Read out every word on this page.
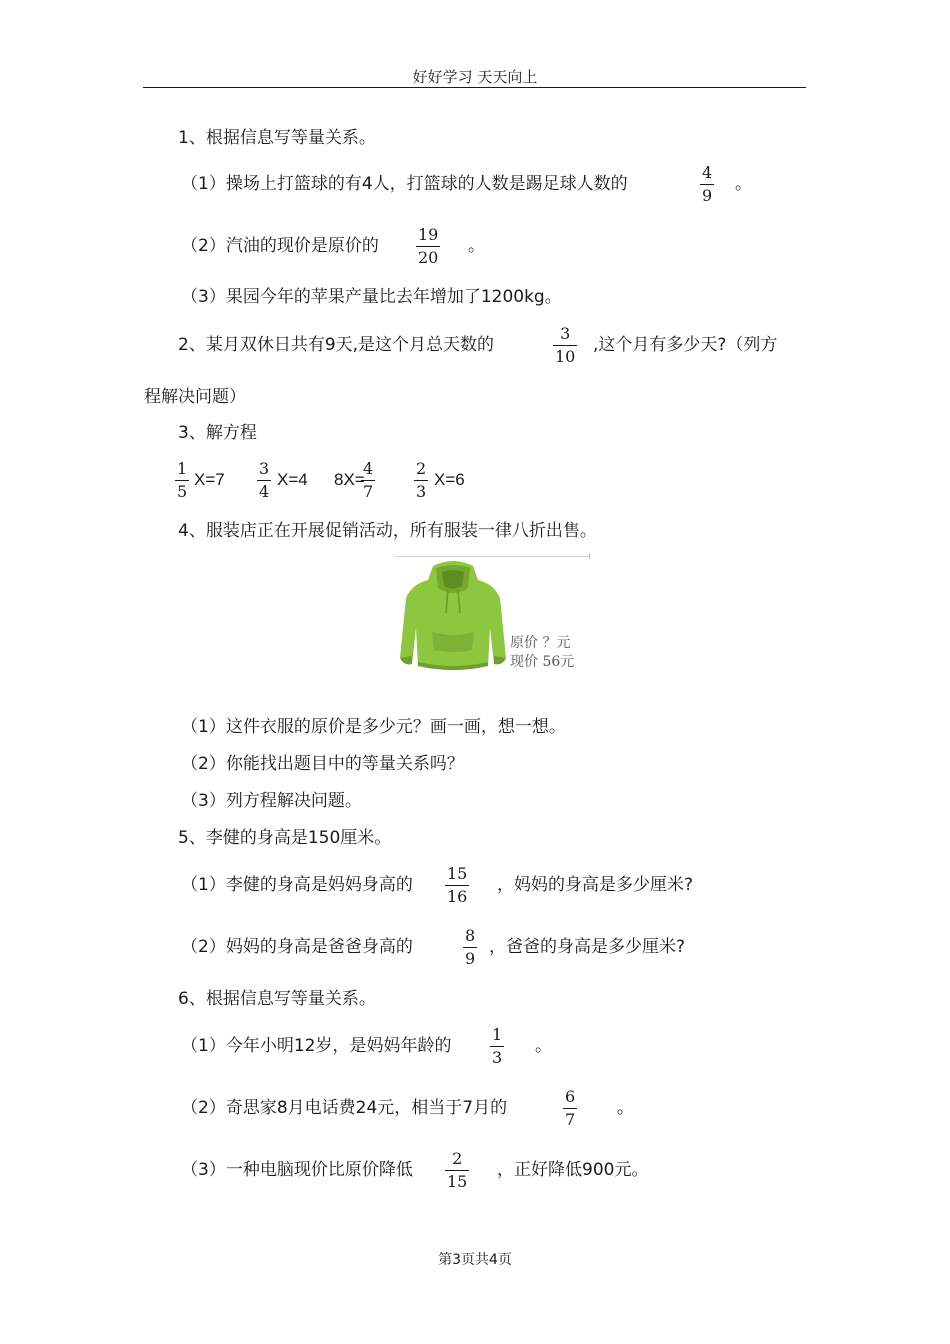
好好学习 天天向上
1、根据信息写等量关系。
（1）操场上打篮球的有4人，打篮球的人数是踢足球人数的
4
9
。
（2）汽油的现价是原价的
19
20
。
（3）果园今年的苹果产量比去年增加了1200kg。
2、某月双休日共有9天,是这个月总天数的
3
10
,这个月有多少天?（列方
程解决问题）
3、解方程
1
5
X=7
3
4
X=4 8X=
4
7
2
3
X=6
4、服装店正在开展促销活动，所有服装一律八折出售。
原价 ？元
现价 56元
（1）这件衣服的原价是多少元？画一画，想一想。
（2）你能找出题目中的等量关系吗？
（3）列方程解决问题。
5、李健的身高是150厘米。
（1）李健的身高是妈妈身高的
15
16
，妈妈的身高是多少厘米?
（2）妈妈的身高是爸爸身高的
8
9
，爸爸的身高是多少厘米?
6、根据信息写等量关系。
（1）今年小明12岁，是妈妈年龄的
1
3
。
（2）奇思家8月电话费24元，相当于7月的
6
7
。
（3）一种电脑现价比原价降低
2
15
，正好降低900元。
第3页共4页
